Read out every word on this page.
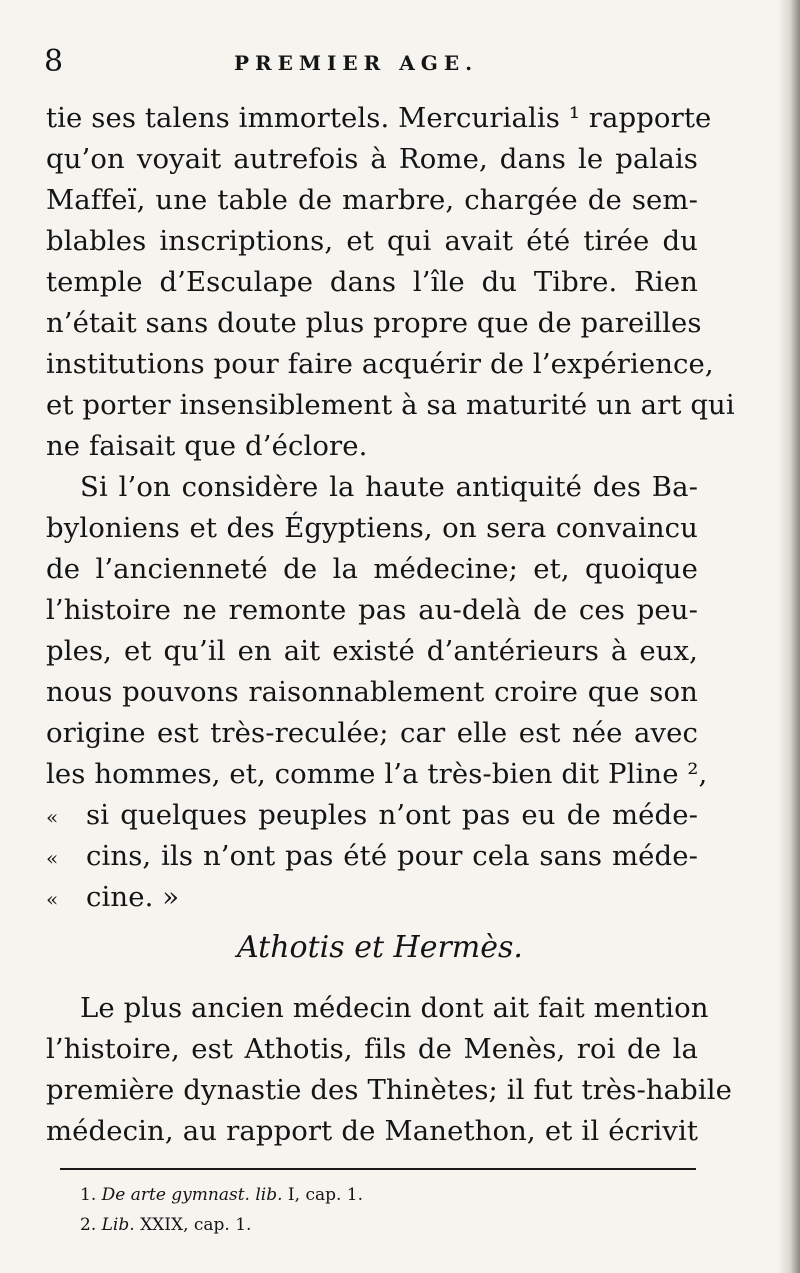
8	PREMIER AGE.
tie ses talens immortels. Mercurialis ¹ rapporte
qu’on voyait autrefois à Rome, dans le palais
Maffeï, une table de marbre, chargée de sem-
blables inscriptions, et qui avait été tirée du
temple d’Esculape dans l’île du Tibre. Rien
n’était sans doute plus propre que de pareilles
institutions pour faire acquérir de l’expérience,
et porter insensiblement à sa maturité un art qui
ne faisait que d’éclore.
Si l’on considère la haute antiquité des Ba-
byloniens et des Égyptiens, on sera convaincu
de l’ancienneté de la médecine; et, quoique
l’histoire ne remonte pas au-delà de ces peu-
ples, et qu’il en ait existé d’antérieurs à eux,
nous pouvons raisonnablement croire que son
origine est très-reculée; car elle est née avec
les hommes, et, comme l’a très-bien dit Pline ²,
« si quelques peuples n’ont pas eu de méde-
« cins, ils n’ont pas été pour cela sans méde-
« cine. »
Athotis et Hermès.
Le plus ancien médecin dont ait fait mention
l’histoire, est Athotis, fils de Menès, roi de la
première dynastie des Thinètes; il fut très-habile
médecin, au rapport de Manethon, et il écrivit
1. De arte gymnast. lib. I, cap. 1.
2. Lib. XXIX, cap. 1.
